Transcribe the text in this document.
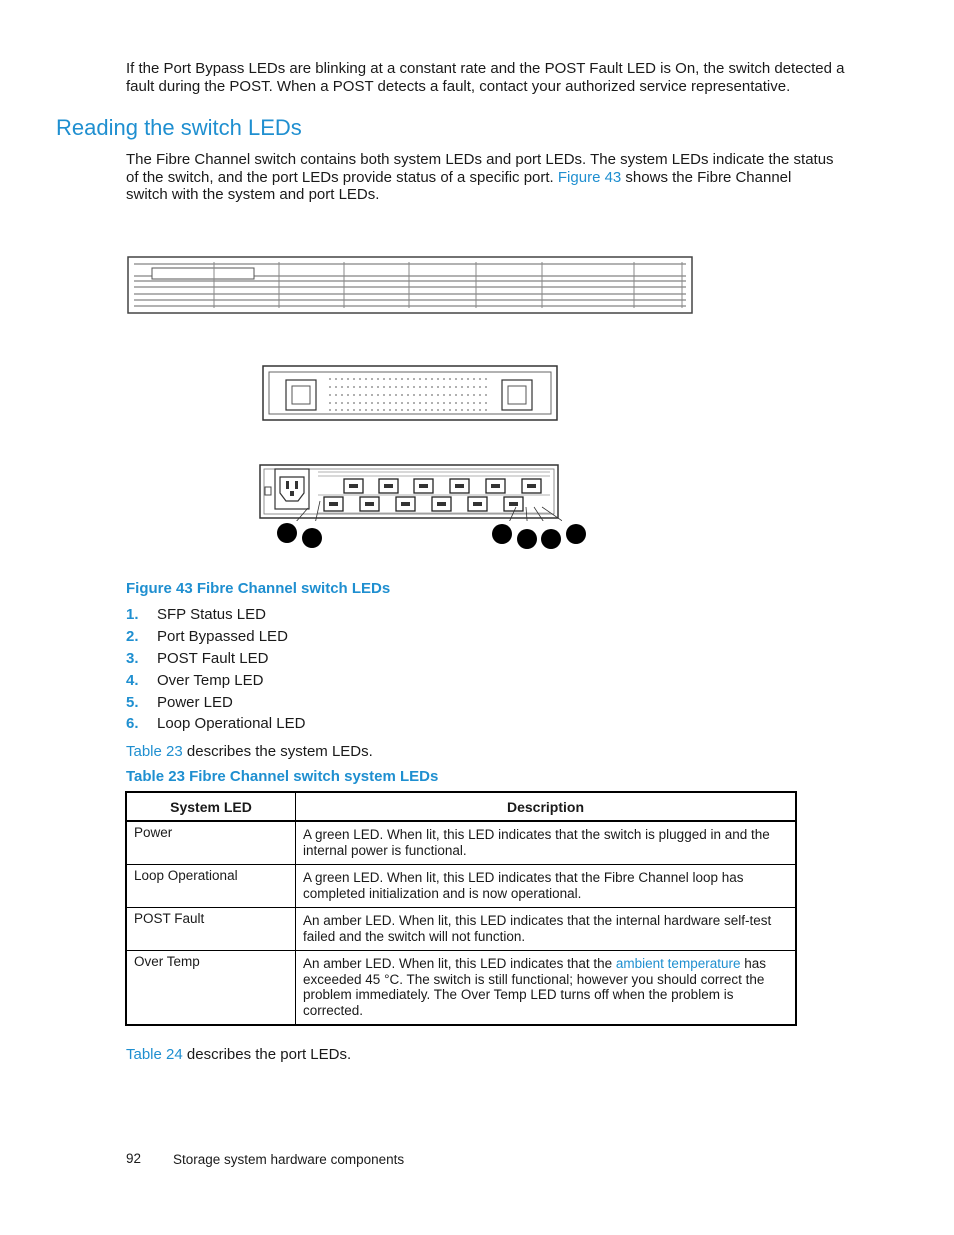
If the Port Bypass LEDs are blinking at a constant rate and the POST Fault LED is On, the switch detected a
fault during the POST. When a POST detects a fault, contact your authorized service representative.
Reading the switch LEDs
The Fibre Channel switch contains both system LEDs and port LEDs. The system LEDs indicate the status
of the switch, and the port LEDs provide status of a specific port. Figure 43 shows the Fibre Channel
switch with the system and port LEDs.
Figure 43 Fibre Channel switch LEDs
1. SFP Status LED
2. Port Bypassed LED
3. POST Fault LED
4. Over Temp LED
5. Power LED
6. Loop Operational LED
Table 23 describes the system LEDs.
Table 23 Fibre Channel switch system LEDs
System LED	Description
Power	A green LED. When lit, this LED indicates that the switch is plugged in and the internal power is functional.
Loop Operational	A green LED. When lit, this LED indicates that the Fibre Channel loop has completed initialization and is now operational.
POST Fault	An amber LED. When lit, this LED indicates that the internal hardware self-test failed and the switch will not function.
Over Temp	An amber LED. When lit, this LED indicates that the ambient temperature has exceeded 45 °C. The switch is still functional; however you should correct the problem immediately. The Over Temp LED turns off when the problem is corrected.
Table 24 describes the port LEDs.
92 Storage system hardware components
